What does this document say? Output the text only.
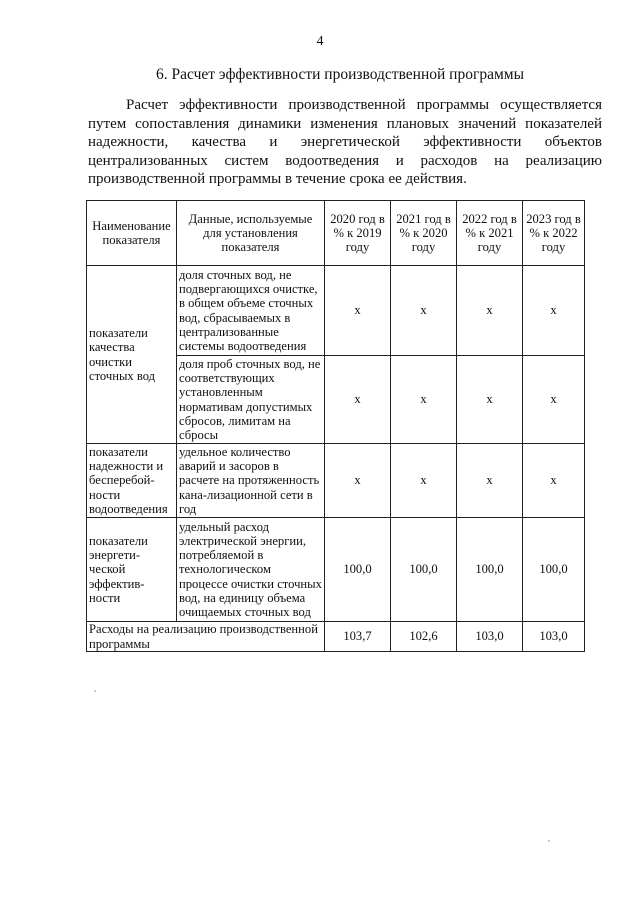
4
6. Расчет эффективности производственной программы
Расчет эффективности производственной программы осуществляется
путем сопоставления динамики изменения плановых значений показателей
надежности, качества и энергетической эффективности объектов
централизованных систем водоотведения и расходов на реализацию
производственной программы в течение срока ее действия.
Наименование показателя	Данные, используемые для установления показателя	2020 год в % к 2019 году	2021 год в % к 2020 году	2022 год в % к 2021 году	2023 год в % к 2022 году
показатели качества очистки сточных вод	доля сточных вод, не подвергающихся очистке, в общем объеме сточных вод, сбрасываемых в централизованные системы водоотведения	x	x	x	x
	доля проб сточных вод, не соответствующих установленным нормативам допустимых сбросов, лимитам на сбросы	x	x	x	x
показатели надежности и бесперебой-ности водоотведения	удельное количество аварий и засоров в расчете на протяженность кана-лизационной сети в год	x	x	x	x
показатели энергети-ческой эффектив-ности	удельный расход электрической энергии, потребляемой в технологическом процессе очистки сточных вод, на единицу объема очищаемых сточных вод	100,0	100,0	100,0	100,0
Расходы на реализацию производственной программы		103,7	102,6	103,0	103,0
